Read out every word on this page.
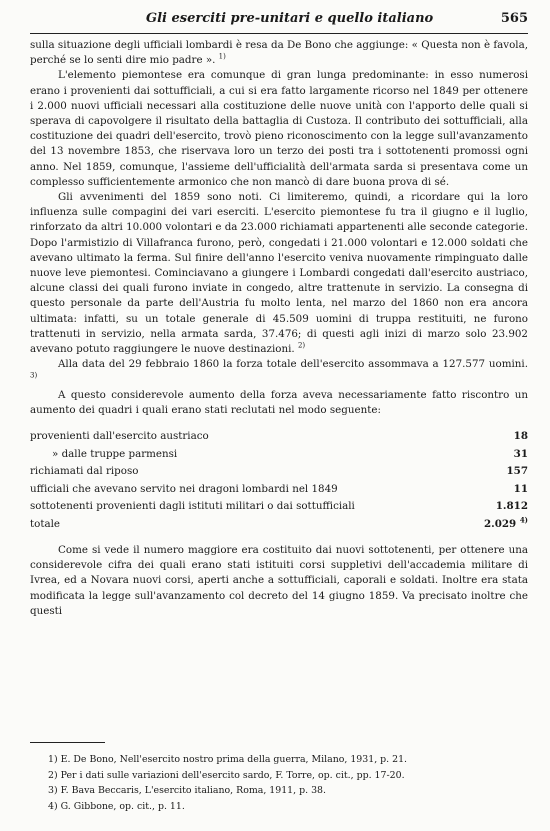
Gli eserciti pre-unitari e quello italiano	565

sulla situazione degli ufficiali lombardi è resa da De Bono che aggiunge: « Questa non è favola, perché se lo senti dire mio padre ». $^{1)}$

L'elemento piemontese era comunque di gran lunga predominante: in esso numerosi erano i provenienti dai sottufficiali, a cui si era fatto largamente ricorso nel 1849 per ottenere i 2.000 nuovi ufficiali necessari alla costituzione delle nuove unità con l'apporto delle quali si sperava di capovolgere il risultato della battaglia di Custoza. Il contributo dei sottufficiali, alla costituzione dei quadri dell'esercito, trovò pieno riconoscimento con la legge sull'avanzamento del 13 novembre 1853, che riservava loro un terzo dei posti tra i sottotenenti promossi ogni anno. Nel 1859, comunque, l'assieme dell'ufficialità dell'armata sarda si presentava come un complesso sufficientemente armonico che non mancò di dare buona prova di sé.

Gli avvenimenti del 1859 sono noti. Ci limiteremo, quindi, a ricordare qui la loro influenza sulle compagini dei vari eserciti. L'esercito piemontese fu tra il giugno e il luglio, rinforzato da altri 10.000 volontari e da 23.000 richiamati appartenenti alle seconde categorie. Dopo l'armistizio di Villafranca furono, però, congedati i 21.000 volontari e 12.000 soldati che avevano ultimato la ferma. Sul finire dell'anno l'esercito veniva nuovamente rimpinguato dalle nuove leve piemontesi. Cominciavano a giungere i Lombardi congedati dall'esercito austriaco, alcune classi dei quali furono inviate in congedo, altre trattenute in servizio. La consegna di questo personale da parte dell'Austria fu molto lenta, nel marzo del 1860 non era ancora ultimata: infatti, su un totale generale di 45.509 uomini di truppa restituiti, ne furono trattenuti in servizio, nella armata sarda, 37.476; di questi agli inizi di marzo solo 23.902 avevano potuto raggiungere le nuove destinazioni. $^{2)}$

Alla data del 29 febbraio 1860 la forza totale dell'esercito assommava a 127.577 uomini. $^{3)}$

A questo considerevole aumento della forza aveva necessariamente fatto riscontro un aumento dei quadri i quali erano stati reclutati nel modo seguente:

provenienti dall'esercito austriaco	18
» dalle truppe parmensi	31
richiamati dal riposo	157
ufficiali che avevano servito nei dragoni lombardi nel 1849	11
sottotenenti provenienti dagli istituti militari o dai sottufficiali	1.812
totale	2.029 $^{4)}$

Come si vede il numero maggiore era costituito dai nuovi sottotenenti, per ottenere una considerevole cifra dei quali erano stati istituiti corsi suppletivi dell'accademia militare di Ivrea, ed a Novara nuovi corsi, aperti anche a sottufficiali, caporali e soldati. Inoltre era stata modificata la legge sull'avanzamento col decreto del 14 giugno 1859. Va precisato inoltre che questi

1) E. De Bono, Nell'esercito nostro prima della guerra, Milano, 1931, p. 21.
2) Per i dati sulle variazioni dell'esercito sardo, F. Torre, op. cit., pp. 17-20.
3) F. Bava Beccaris, L'esercito italiano, Roma, 1911, p. 38.
4) G. Gibbone, op. cit., p. 11.
